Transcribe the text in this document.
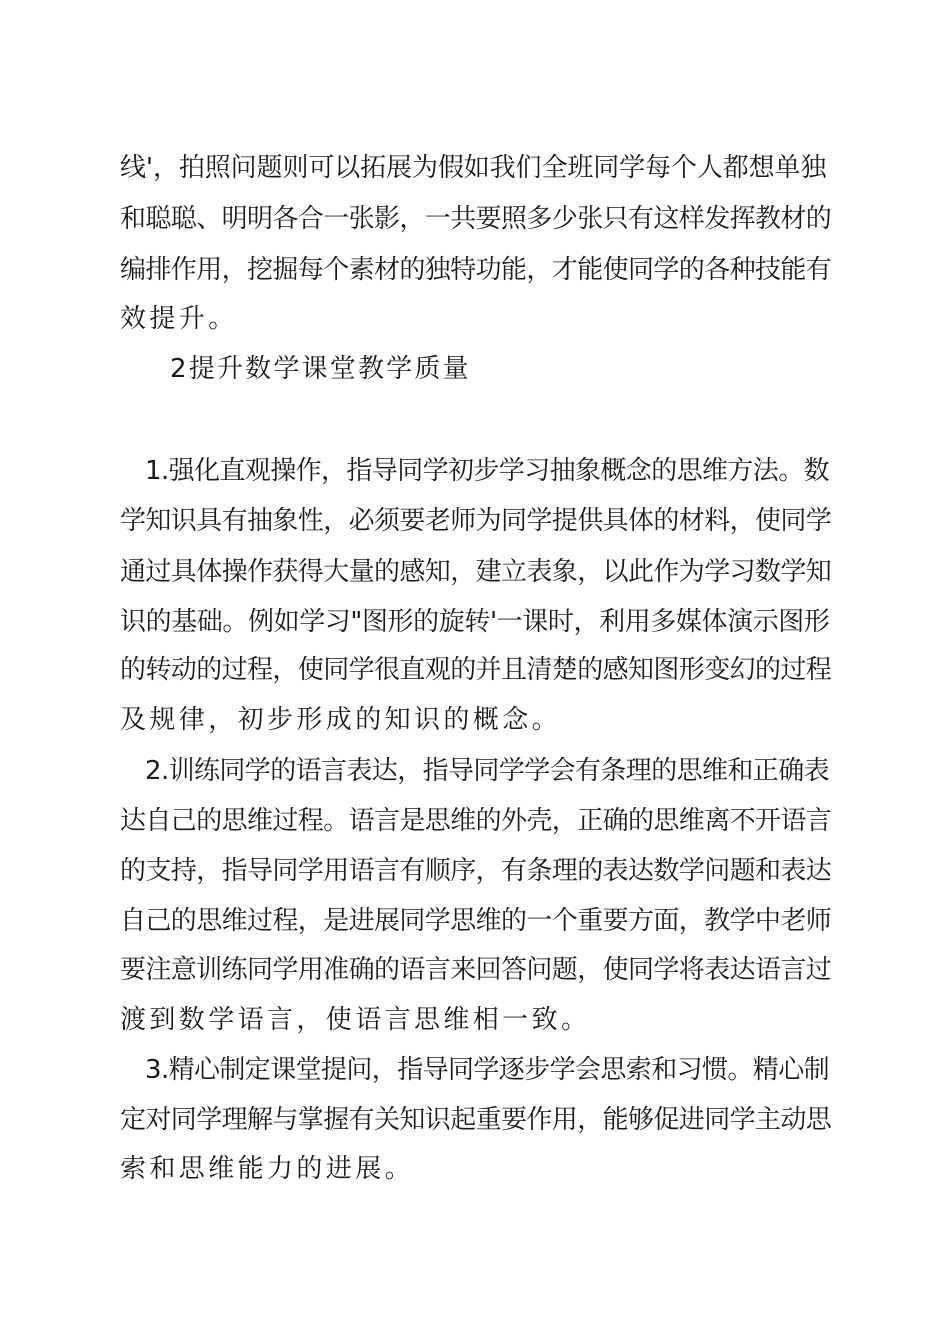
线'，拍照问题则可以拓展为假如我们全班同学每个人都想单独
和聪聪、明明各合一张影，一共要照多少张只有这样发挥教材的
编排作用，挖掘每个素材的独特功能，才能使同学的各种技能有
效提升。
2提升数学课堂教学质量
1.强化直观操作，指导同学初步学习抽象概念的思维方法。数
学知识具有抽象性，必须要老师为同学提供具体的材料，使同学
通过具体操作获得大量的感知，建立表象，以此作为学习数学知
识的基础。例如学习"图形的旋转'一课时，利用多媒体演示图形
的转动的过程，使同学很直观的并且清楚的感知图形变幻的过程
及规律，初步形成的知识的概念。
2.训练同学的语言表达，指导同学学会有条理的思维和正确表
达自己的思维过程。语言是思维的外壳，正确的思维离不开语言
的支持，指导同学用语言有顺序，有条理的表达数学问题和表达
自己的思维过程，是进展同学思维的一个重要方面，教学中老师
要注意训练同学用准确的语言来回答问题，使同学将表达语言过
渡到数学语言，使语言思维相一致。
3.精心制定课堂提问，指导同学逐步学会思索和习惯。精心制
定对同学理解与掌握有关知识起重要作用，能够促进同学主动思
索和思维能力的进展。
